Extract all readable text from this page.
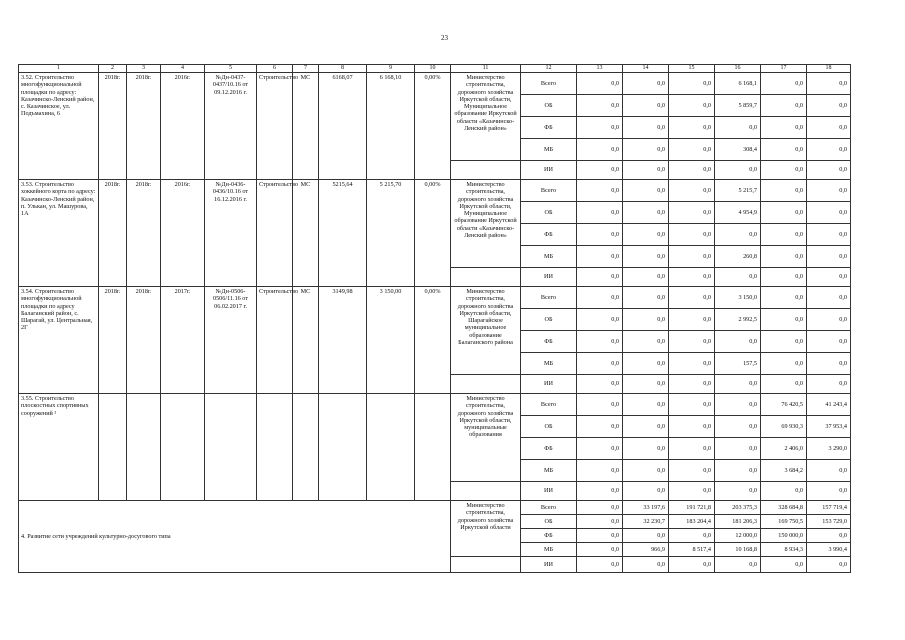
23
1	2	3	4	5	6	7	8	9	10	11	12	13	14	15	16	17	18
3.52. Строительство многофункциональной площадки по адресу: Казачинско-Ленский район, с. Казачинское, ул. Подъмахина, 6	2018г.	2018г.	2016г.	№Дн-0437-0437/10.16 от 09.12.2016 г.	Строительство	МС	6168,07	6 168,10	0,00%	Министерство строительства, дорожного хозяйства Иркутской области, Муниципальное образование Иркутской области «Казачинско-Ленский район»	Всего	0,0	0,0	0,0	6 168,1	0,0	0,0
											ОБ	0,0	0,0	0,0	5 859,7	0,0	0,0
											ФБ	0,0	0,0	0,0	0,0	0,0	0,0
											МБ	0,0	0,0	0,0	308,4	0,0	0,0
											ИИ	0,0	0,0	0,0	0,0	0,0	0,0
3.53. Строительство хоккейного корта по адресу: Казачинско-Ленский район, п. Улькан, ул. Машурова, 1А	2018г.	2018г.	2016г.	№Дн-0436-0436/10.16 от 16.12.2016 г.	Строительство	МС	5215,64	5 215,70	0,00%	Министерство строительства, дорожного хозяйства Иркутской области, Муниципальное образование Иркутской области «Казачинско-Ленский район»	Всего	0,0	0,0	0,0	5 215,7	0,0	0,0
											ОБ	0,0	0,0	0,0	4 954,9	0,0	0,0
											ФБ	0,0	0,0	0,0	0,0	0,0	0,0
											МБ	0,0	0,0	0,0	260,8	0,0	0,0
											ИИ	0,0	0,0	0,0	0,0	0,0	0,0
3.54. Строительство многофункциональной площадки по адресу Балаганский район, с. Шарагай, ул. Центральная, 2Г	2018г.	2018г.	2017г.	№Дн-0506-0506/11.16 от 06.02.2017 г.	Строительство	МС	3149,98	3 150,00	0,00%	Министерство строительства, дорожного хозяйства Иркутской области, Шарагайское муниципальное образование Балаганского района	Всего	0,0	0,0	0,0	3 150,0	0,0	0,0
											ОБ	0,0	0,0	0,0	2 992,5	0,0	0,0
											ФБ	0,0	0,0	0,0	0,0	0,0	0,0
											МБ	0,0	0,0	0,0	157,5	0,0	0,0
											ИИ	0,0	0,0	0,0	0,0	0,0	0,0
3.55. Строительство плоскостных спортивных сооружений ²										Министерство строительства, дорожного хозяйства Иркутской области, муниципальные образования	Всего	0,0	0,0	0,0	0,0	76 420,5	41 243,4
											ОБ	0,0	0,0	0,0	0,0	69 930,3	37 953,4
											ФБ	0,0	0,0	0,0	0,0	2 406,0	3 290,0
											МБ	0,0	0,0	0,0	0,0	3 684,2	0,0
											ИИ	0,0	0,0	0,0	0,0	0,0	0,0
4. Развитие сети учреждений культурно-досугового типа										Министерство строительства, дорожного хозяйства Иркутской области	Всего	0,0	33 197,6	191 721,8	203 375,3	328 684,8	157 719,4
											ОБ	0,0	32 230,7	183 204,4	181 206,3	169 750,5	153 729,0
											ФБ	0,0	0,0	0,0	12 000,0	150 000,0	0,0
											МБ	0,0	966,9	8 517,4	10 168,8	8 934,3	3 990,4
											ИИ	0,0	0,0	0,0	0,0	0,0	0,0
